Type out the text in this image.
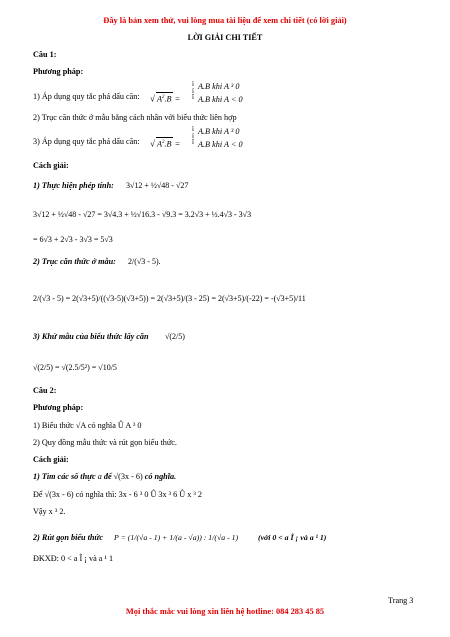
Đây là bản xem thử, vui lòng mua tài liệu để xem chi tiết (có lời giải)
LỜI GIẢI CHI TIẾT
Câu 1:
Phương pháp:
1) Áp dụng quy tắc phá dấu căn: √ $A^2.B$ =
ì
í
î
A.B khi A ³ 0
A.B khi A < 0
2) Trục căn thức ở mẫu bằng cách nhân với biểu thức liên hợp
3) Áp dụng quy tắc phá dấu căn: √ $A^2.B$ =
ì
í
î
A.B khi A ³ 0
A.B khi A < 0
Cách giải:
1) Thực hiện phép tính: 3√12 + ½√48 - √27
3√12 + ½√48 - √27 = 3√4.3 + ½√16.3 - √9.3 = 3.2√3 + ½.4√3 - 3√3
= 6√3 + 2√3 - 3√3 = 5√3
2) Trục căn thức ở mẫu: 2/(√3 - 5).
2/(√3 - 5) = 2(√3+5)/((√3-5)(√3+5)) = 2(√3+5)/(3 - 25) = 2(√3+5)/(-22) = -(√3+5)/11
3) Khử mẫu của biểu thức lấy căn √(2/5)
√(2/5) = √(2.5/5²) = √10/5
Câu 2:
Phương pháp:
1) Biểu thức √A có nghĩa Û A ³ 0
2) Quy đồng mẫu thức và rút gọn biểu thức.
Cách giải:
1) Tìm các số thực a để √(3x - 6) có nghĩa.
Để √(3x - 6) có nghĩa thì: 3x - 6 ³ 0 Û 3x ³ 6 Û x ³ 2
Vậy x ³ 2.
2) Rút gọn biểu thức P = (1/(√a - 1) + 1/(a - √a)) : 1/(√a - 1)	(với 0 < a Î ¡ và a ¹ 1)
ĐKXĐ: 0 < a Î ¡ và a ¹ 1
Trang 3
Mọi thắc mắc vui lòng xin liên hệ hotline: 084 283 45 85
